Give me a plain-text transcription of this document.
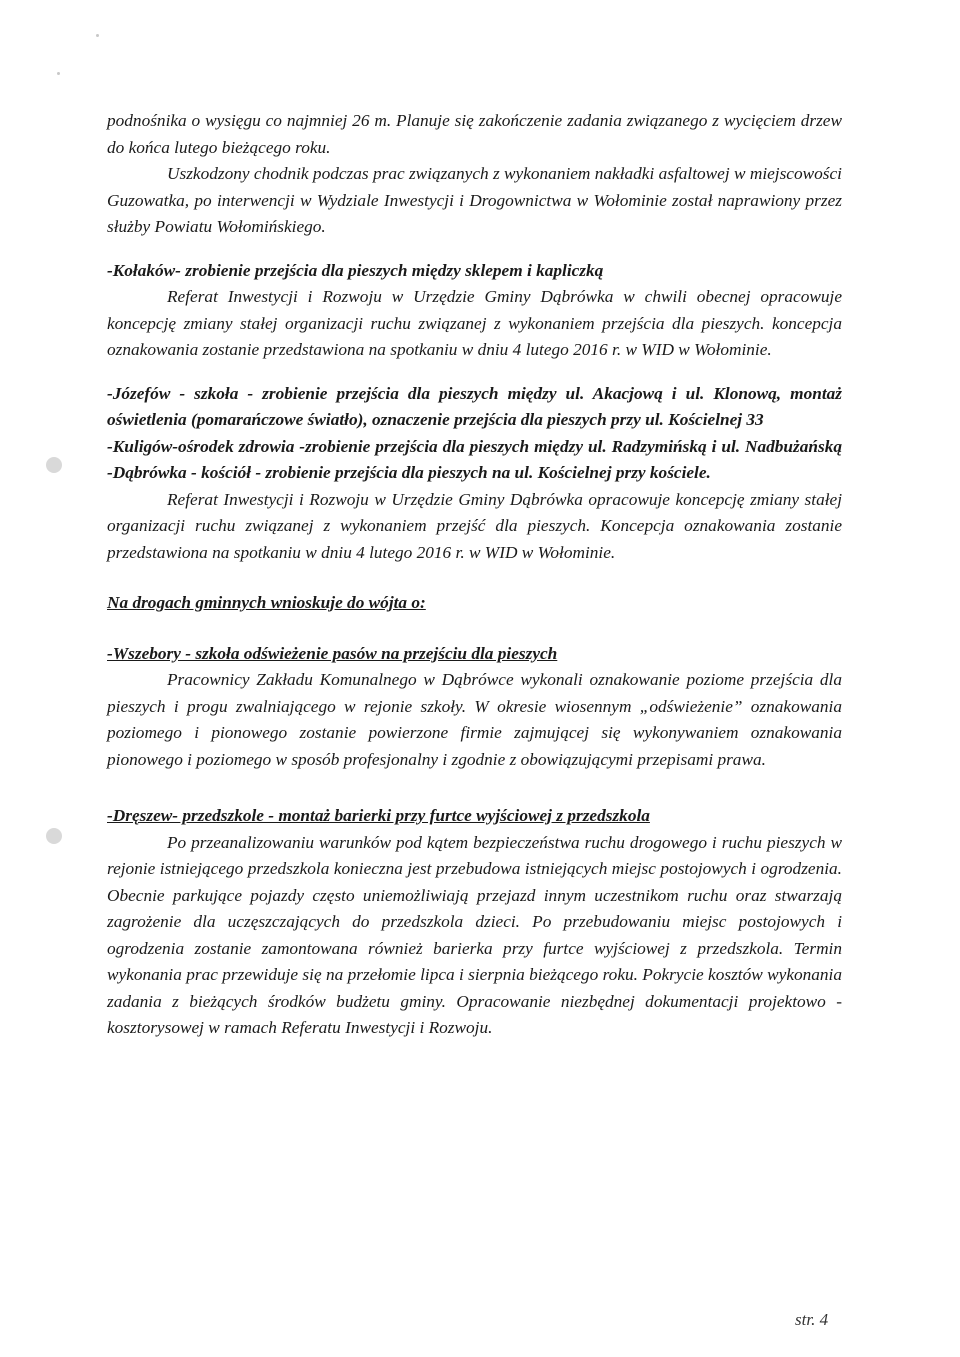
podnośnika o wysięgu co najmniej 26 m. Planuje się zakończenie zadania związanego z wycięciem drzew do końca lutego bieżącego roku.

Uszkodzony chodnik podczas prac związanych z wykonaniem nakładki asfaltowej w miejscowości Guzowatka, po interwencji w Wydziale Inwestycji i Drogownictwa w Wołominie został naprawiony przez służby Powiatu Wołomińskiego.

-Kołaków- zrobienie przejścia dla pieszych między sklepem i kapliczką

Referat Inwestycji i Rozwoju w Urzędzie Gminy Dąbrówka w chwili obecnej opracowuje koncepcję zmiany stałej organizacji ruchu związanej z wykonaniem przejścia dla pieszych. koncepcja oznakowania zostanie przedstawiona na spotkaniu w dniu 4 lutego 2016 r. w WID w Wołominie.

-Józefów - szkoła - zrobienie przejścia dla pieszych między ul. Akacjową i ul. Klonową, montaż oświetlenia (pomarańczowe światło), oznaczenie przejścia dla pieszych przy ul. Kościelnej 33

-Kuligów-ośrodek zdrowia -zrobienie przejścia dla pieszych między ul. Radzymińską i ul. Nadbużańską -Dąbrówka - kościół - zrobienie przejścia dla pieszych na ul. Kościelnej przy kościele.

Referat Inwestycji i Rozwoju w Urzędzie Gminy Dąbrówka opracowuje koncepcję zmiany stałej organizacji ruchu związanej z wykonaniem przejść dla pieszych. Koncepcja oznakowania zostanie przedstawiona na spotkaniu w dniu 4 lutego 2016 r. w WID w Wołominie.

Na drogach gminnych wnioskuje do wójta o:

-Wszebory - szkoła odświeżenie pasów na przejściu dla pieszych

Pracownicy Zakładu Komunalnego w Dąbrówce wykonali oznakowanie poziome przejścia dla pieszych i progu zwalniającego w rejonie szkoły. W okresie wiosennym „odświeżenie” oznakowania poziomego i pionowego zostanie powierzone firmie zajmującej się wykonywaniem oznakowania pionowego i poziomego w sposób profesjonalny i zgodnie z obowiązującymi przepisami prawa.

-Dręszew- przedszkole - montaż barierki przy furtce wyjściowej z przedszkola

Po przeanalizowaniu warunków pod kątem bezpieczeństwa ruchu drogowego i ruchu pieszych w rejonie istniejącego przedszkola konieczna jest przebudowa istniejących miejsc postojowych i ogrodzenia. Obecnie parkujące pojazdy często uniemożliwiają przejazd innym uczestnikom ruchu oraz stwarzają zagrożenie dla uczęszczających do przedszkola dzieci. Po przebudowaniu miejsc postojowych i ogrodzenia zostanie zamontowana również barierka przy furtce wyjściowej z przedszkola. Termin wykonania prac przewiduje się na przełomie lipca i sierpnia bieżącego roku. Pokrycie kosztów wykonania zadania z bieżących środków budżetu gminy. Opracowanie niezbędnej dokumentacji projektowo - kosztorysowej w ramach Referatu Inwestycji i Rozwoju.

str. 4
